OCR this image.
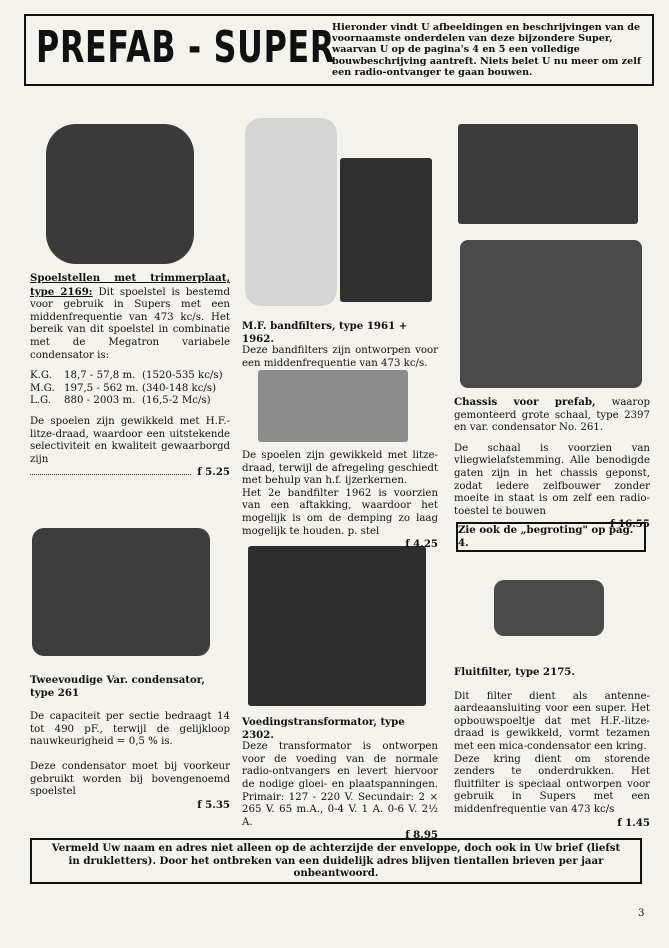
PREFAB - SUPER
Hieronder vindt U afbeeldingen en beschrijvingen van de voornaamste onderdelen van deze bijzondere Super, waarvan U op de pagina's 4 en 5 een volledige bouwbeschrijving aantreft. Niets belet U nu meer om zelf een radio-ontvanger te gaan bouwen.

Spoelstellen met trimmerplaat, type 2169: Dit spoelstel is bestemd voor gebruik in Supers met een middenfrequentie van 473 kc/s. Het bereik van dit spoelstel in combinatie met de Megatron variabele condensator is:

K.G.	18,7 - 57,8 m. (1520-535 kc/s)
M.G. 197,5 - 562 m. (340-148 kc/s)
L.G.	880 - 2003 m. (16,5-2 Mc/s)

De spoelen zijn gewikkeld met H.F.-litze-draad, waardoor een uitstekende selectiviteit en kwaliteit gewaarborgd zijn

f 5.25

M.F. bandfilters, type 1961 + 1962.

Deze bandfilters zijn ontworpen voor een middenfrequentie van 473 kc/s.

De spoelen zijn gewikkeld met litze-draad, terwijl de afregeling geschiedt met behulp van h.f. ijzerkernen.

Het 2e bandfilter 1962 is voorzien van een aftakking, waardoor het mogelijk is om de demping zo laag mogelijk te houden. p. stel

f 4.25

Chassis voor prefab, waarop gemonteerd grote schaal, type 2397 en var. condensator No. 261.

De schaal is voorzien van vliegwielafstemming. Alle benodigde gaten zijn in het chassis geponst, zodat iedere zelfbouwer zonder moeite in staat is om zelf een radio-toestel te bouwen

f 16.55
Zie ook de „begroting" op pag. 4.

Tweevoudige Var. condensator, type 261

De capaciteit per sectie bedraagt 14 tot 490 pF., terwijl de gelijkloop nauwkeurigheid = 0,5 % is.

Deze condensator moet bij voorkeur gebruikt worden bij bovengenoemd spoelstel

f 5.35

Voedingstransformator, type 2302.

Deze transformator is ontworpen voor de voeding van de normale radio-ontvangers en levert hiervoor de nodige gloei- en plaatspanningen. Primair: 127 - 220 V. Secundair: 2 × 265 V. 65 m.A., 0-4 V. 1 A. 0-6 V. 2½ A.

f 8.95

Fluitfilter, type 2175.

Dit filter dient als antenne-aardeaansluiting voor een super. Het opbouwspoeltje dat met H.F.-litze-draad is gewikkeld, vormt tezamen met een mica-condensator een kring.

Deze kring dient om storende zenders te onderdrukken. Het fluitfilter is speciaal ontworpen voor gebruik in Supers met een middenfrequentie van 473 kc/s

f 1.45
Vermeld Uw naam en adres niet alleen op de achterzijde der enveloppe, doch ook in Uw brief (liefst in drukletters). Door het ontbreken van een duidelijk adres blijven tientallen brieven per jaar onbeantwoord.
3
